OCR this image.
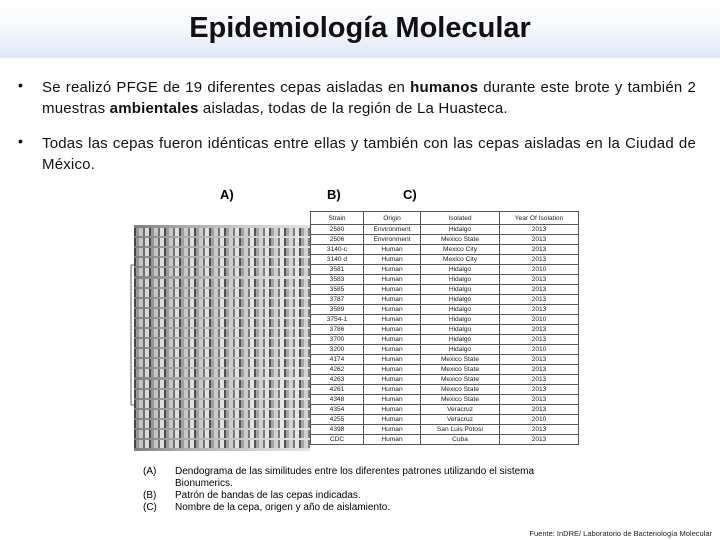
Epidemiología Molecular
• Se realizó PFGE de 19 diferentes cepas aisladas en humanos durante este brote y también 2 muestras ambientales aisladas, todas de la región de La Huasteca.
• Todas las cepas fueron idénticas entre ellas y también con las cepas aisladas en la Ciudad de México.
A)	B)	C)
Strain	Origin	Isolated	Year Of Isolation
2580	Environment	Hidalgo	2013
2506	Environment	Mexico State	2013
3140-c	Human	Mexico City	2013
3140 d	Human	Mexico City	2013
3581	Human	Hidalgo	2010
3583	Human	Hidalgo	2013
3585	Human	Hidalgo	2013
3787	Human	Hidalgo	2013
3589	Human	Hidalgo	2013
3754-1	Human	Hidalgo	2010
3786	Human	Hidalgo	2013
3700	Human	Hidalgo	2013
3200	Human	Hidalgo	2010
4174	Human	Mexico State	2013
4262	Human	Mexico State	2013
4263	Human	Mexico State	2013
4261	Human	Mexico State	2013
4348	Human	Mexico State	2013
4354	Human	Veracruz	2013
4255	Human	Veracruz	2010
4398	Human	San Luis Potosí	2013
CDC	Human	Cuba	2013
(A) Dendograma de las similitudes entre los diferentes patrones utilizando el sistema Bionumerics.
(B) Patrón de bandas de las cepas indicadas.
(C) Nombre de la cepa, origen y año de aislamiento.
Fuente: InDRE/ Laboratorio de Bacteriología Molecular
